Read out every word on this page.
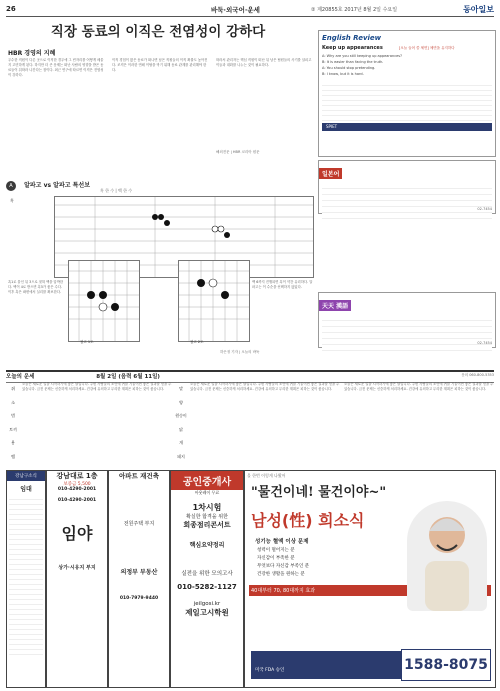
26	바둑·외국어·운세	② 제20855호 2017년 8월 2일 수요일	동아일보
직장 동료의 이직은 전염성이 강하다
HBR 경영의 지혜
우수한 직원이 다른 곳으로 이직한 경우에 그 빈자리를 어떻게 메울지 고민하게 된다. 하지만 더 큰 문제는 떠난 사람의 영향을 받은 동료들이 뒤따라 나간다는 점이다. 최근 연구에 따르면 이직은 전염성이 강하다.
이직 경험이 많은 동료가 떠나면 남은 직원들의 이직 확률도 높아진다. 조직은 이러한 연쇄 이탈을 막기 위해 동료 관계를 관리해야 한다.
따라서 관리자는 핵심 직원이 떠난 뒤 남은 팀원들의 사기를 살피고 이들과 대화를 나누는 것이 필요하다.
해외전문 | HBR 코리아 원문
English Review
Keep up appearances	[오늘 들어 쓸 체면] 체면을 유지하다
A: Why are you still keeping up appearances?
B: It is easier than facing the truth.
A: You should stop pretending.
B: I know, but it is hard.
SPIET
일본어
02-7454
天天 漢語
02-7454
A 알파고 vs 알파고 특선보
흑 한 수 | 백 한 수
흑
흑1로 붙인 뒤 3으로 젖혀 백을 압박한다. 백이 4로 받으면 흑5가 좋은 수다. 이후 흑은 좌변에서 실리를 확보한다.
참고 1도	참고 2도
백 6까지 진행되면 흑이 약간 유리하다. 알파고는 이 수순을 선택하지 않았다.
하은정 기자 | 오늘의 바둑
오늘의 운세	8월 2일 (음력 6월 11일)	문의 060-800-5353
쥐
소
범
토끼
용
뱀
오늘은 새로운 일을 시작하기에 좋은 날입니다. 주변 사람들의 조언에 귀를 기울이면 좋은 결과를 얻을 수 있습니다. 금전 문제는 신중하게 처리하세요. 건강에 유의하고 무리한 계획은 피하는 것이 좋습니다.	말
양
원숭이
닭
개
돼지
오늘은 새로운 일을 시작하기에 좋은 날입니다. 주변 사람들의 조언에 귀를 기울이면 좋은 결과를 얻을 수 있습니다. 금전 문제는 신중하게 처리하세요. 건강에 유의하고 무리한 계획은 피하는 것이 좋습니다.
오늘은 새로운 일을 시작하기에 좋은 날입니다. 주변 사람들의 조언에 귀를 기울이면 좋은 결과를 얻을 수 있습니다. 금전 문제는 신중하게 처리하세요. 건강에 유의하고 무리한 계획은 피하는 것이 좋습니다.
강남구소식
임대
강남대로 1층
보증금 5,500
010-4290-2001
010-4290-2001
임야
상가·시유지 부지
아파트 재건축
전원주택 부지
의정부 부동산
010-7979-9440
공인중개사
아웃레이 무료
1차시험
확실한 합격을 위한
회종점리콘서트
핵심요약정리
실전을 위한 모의고사
010-5282-1127
jeilgosi.kr
제일고시학원
올 한번 이렇게 나왔어
"물건이네! 물건이야~"
남성(性) 희소식
성기능 혈액 이상 문제
청력이 떨어지는 분
자신감이 부족한 분
무엇보다 자신감 부족인 분
건강한 생활을 원하는 분
40대부터 70, 80대까지 효과
1588-8075
미국 FDA 승인
